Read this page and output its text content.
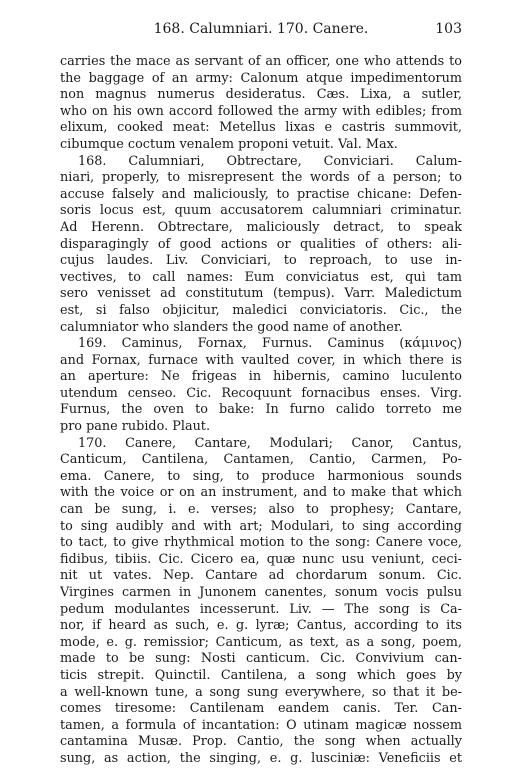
168. Calumniari. 170. Canere.	103
carries the mace as servant of an officer, one who attends to
the baggage of an army: Calonum atque impedimentorum
non magnus numerus desideratus. Cæs. Lixa, a sutler,
who on his own accord followed the army with edibles; from
elixum, cooked meat: Metellus lixas e castris summovit,
cibumque coctum venalem proponi vetuit. Val. Max.
168. Calumniari, Obtrectare, Conviciari. Calum-
niari, properly, to misrepresent the words of a person; to
accuse falsely and maliciously, to practise chicane: Defen-
soris locus est, quum accusatorem calumniari criminatur.
Ad Herenn. Obtrectare, maliciously detract, to speak
disparagingly of good actions or qualities of others: ali-
cujus laudes. Liv. Conviciari, to reproach, to use in-
vectives, to call names: Eum conviciatus est, qui tam
sero venisset ad constitutum (tempus). Varr. Maledictum
est, si falso objicitur, maledici conviciatoris. Cic., the
calumniator who slanders the good name of another.
169. Caminus, Fornax, Furnus. Caminus (κάμινος)
and Fornax, furnace with vaulted cover, in which there is
an aperture: Ne frigeas in hibernis, camino luculento
utendum censeo. Cic. Recoquunt fornacibus enses. Virg.
Furnus, the oven to bake: In furno calido torreto me
pro pane rubido. Plaut.
170. Canere, Cantare, Modulari; Canor, Cantus,
Canticum, Cantilena, Cantamen, Cantio, Carmen, Po-
ema. Canere, to sing, to produce harmonious sounds
with the voice or on an instrument, and to make that which
can be sung, i. e. verses; also to prophesy; Cantare,
to sing audibly and with art; Modulari, to sing according
to tact, to give rhythmical motion to the song: Canere voce,
fidibus, tibiis. Cic. Cicero ea, quæ nunc usu veniunt, ceci-
nit ut vates. Nep. Cantare ad chordarum sonum. Cic.
Virgines carmen in Junonem canentes, sonum vocis pulsu
pedum modulantes incesserunt. Liv. — The song is Ca-
nor, if heard as such, e. g. lyræ; Cantus, according to its
mode, e. g. remissior; Canticum, as text, as a song, poem,
made to be sung: Nosti canticum. Cic. Convivium can-
ticis strepit. Quinctil. Cantilena, a song which goes by
a well-known tune, a song sung everywhere, so that it be-
comes tiresome: Cantilenam eandem canis. Ter. Can-
tamen, a formula of incantation: O utinam magicæ nossem
cantamina Musæ. Prop. Cantio, the song when actually
sung, as action, the singing, e. g. lusciniæ: Veneficiis et
